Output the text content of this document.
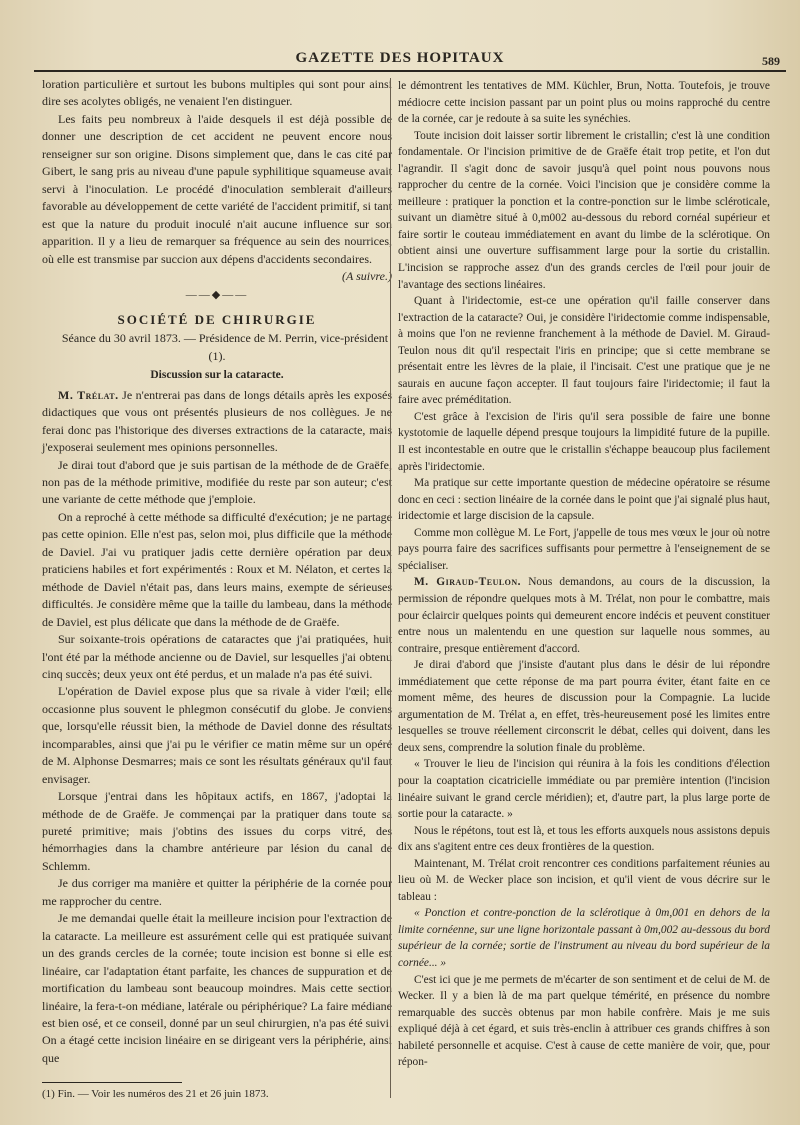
GAZETTE DES HOPITAUX	589

loration particulière et surtout les bubons multiples qui sont pour ainsi dire ses acolytes obligés, ne venaient l'en distinguer.

Les faits peu nombreux à l'aide desquels il est déjà possible de donner une description de cet accident ne peuvent encore nous renseigner sur son origine. Disons simplement que, dans le cas cité par Gibert, le sang pris au niveau d'une papule syphilitique squameuse avait servi à l'inoculation. Le procédé d'inoculation semblerait d'ailleurs favorable au développement de cette variété de l'accident primitif, si tant est que la nature du produit inoculé n'ait aucune influence sur son apparition. Il y a lieu de remarquer sa fréquence au sein des nourrices, où elle est transmise par succion aux dépens d'accidents secondaires.

(A suivre.)

——◆——
SOCIÉTÉ DE CHIRURGIE

Séance du 30 avril 1873. — Présidence de M. Perrin, vice-président (1).

Discussion sur la cataracte.

M. Trélat. Je n'entrerai pas dans de longs détails après les exposés didactiques que vous ont présentés plusieurs de nos collègues. Je ne ferai donc pas l'historique des diverses extractions de la cataracte, mais j'exposerai seulement mes opinions personnelles.

Je dirai tout d'abord que je suis partisan de la méthode de de Graëfe, non pas de la méthode primitive, modifiée du reste par son auteur; c'est une variante de cette méthode que j'emploie.

On a reproché à cette méthode sa difficulté d'exécution; je ne partage pas cette opinion. Elle n'est pas, selon moi, plus difficile que la méthode de Daviel. J'ai vu pratiquer jadis cette dernière opération par deux praticiens habiles et fort expérimentés : Roux et M. Nélaton, et certes la méthode de Daviel n'était pas, dans leurs mains, exempte de sérieuses difficultés. Je considère même que la taille du lambeau, dans la méthode de Daviel, est plus délicate que dans la méthode de de Graëfe.

Sur soixante-trois opérations de cataractes que j'ai pratiquées, huit l'ont été par la méthode ancienne ou de Daviel, sur lesquelles j'ai obtenu cinq succès; deux yeux ont été perdus, et un malade n'a pas été suivi.

L'opération de Daviel expose plus que sa rivale à vider l'œil; elle occasionne plus souvent le phlegmon consécutif du globe. Je conviens que, lorsqu'elle réussit bien, la méthode de Daviel donne des résultats incomparables, ainsi que j'ai pu le vérifier ce matin même sur un opéré de M. Alphonse Desmarres; mais ce sont les résultats généraux qu'il faut envisager.

Lorsque j'entrai dans les hôpitaux actifs, en 1867, j'adoptai la méthode de de Graëfe. Je commençai par la pratiquer dans toute sa pureté primitive; mais j'obtins des issues du corps vitré, des hémorrhagies dans la chambre antérieure par lésion du canal de Schlemm.

Je dus corriger ma manière et quitter la périphérie de la cornée pour me rapprocher du centre.

Je me demandai quelle était la meilleure incision pour l'extraction de la cataracte. La meilleure est assurément celle qui est pratiquée suivant un des grands cercles de la cornée; toute incision est bonne si elle est linéaire, car l'adaptation étant parfaite, les chances de suppuration et de mortification du lambeau sont beaucoup moindres. Mais cette section linéaire, la fera-t-on médiane, latérale ou périphérique? La faire médiane est bien osé, et ce conseil, donné par un seul chirurgien, n'a pas été suivi. On a étagé cette incision linéaire en se dirigeant vers la périphérie, ainsi que

le démontrent les tentatives de MM. Küchler, Brun, Notta. Toutefois, je trouve médiocre cette incision passant par un point plus ou moins rapproché du centre de la cornée, car je redoute à sa suite les synéchies.

Toute incision doit laisser sortir librement le cristallin; c'est là une condition fondamentale. Or l'incision primitive de de Graëfe était trop petite, et l'on dut l'agrandir. Il s'agit donc de savoir jusqu'à quel point nous pouvons nous rapprocher du centre de la cornée. Voici l'incision que je considère comme la meilleure : pratiquer la ponction et la contre-ponction sur le limbe scléroticale, suivant un diamètre situé à 0,m002 au-dessous du rebord cornéal supérieur et faire sortir le couteau immédiatement en avant du limbe de la sclérotique. On obtient ainsi une ouverture suffisamment large pour la sortie du cristallin. L'incision se rapproche assez d'un des grands cercles de l'œil pour jouir de l'avantage des sections linéaires.

Quant à l'iridectomie, est-ce une opération qu'il faille conserver dans l'extraction de la cataracte? Oui, je considère l'iridectomie comme indispensable, à moins que l'on ne revienne franchement à la méthode de Daviel. M. Giraud-Teulon nous dit qu'il respectait l'iris en principe; que si cette membrane se présentait entre les lèvres de la plaie, il l'incisait. C'est une pratique que je ne saurais en aucune façon accepter. Il faut toujours faire l'iridectomie; il faut la faire avec préméditation.

C'est grâce à l'excision de l'iris qu'il sera possible de faire une bonne kystotomie de laquelle dépend presque toujours la limpidité future de la pupille. Il est incontestable en outre que le cristallin s'échappe beaucoup plus facilement après l'iridectomie.

Ma pratique sur cette importante question de médecine opératoire se résume donc en ceci : section linéaire de la cornée dans le point que j'ai signalé plus haut, iridectomie et large discision de la capsule.

Comme mon collègue M. Le Fort, j'appelle de tous mes vœux le jour où notre pays pourra faire des sacrifices suffisants pour permettre à l'enseignement de se spécialiser.

M. Giraud-Teulon. Nous demandons, au cours de la discussion, la permission de répondre quelques mots à M. Trélat, non pour le combattre, mais pour éclaircir quelques points qui demeurent encore indécis et peuvent constituer entre nous un malentendu en une question sur laquelle nous sommes, au contraire, presque entièrement d'accord.

Je dirai d'abord que j'insiste d'autant plus dans le désir de lui répondre immédiatement que cette réponse de ma part pourra éviter, étant faite en ce moment même, des heures de discussion pour la Compagnie. La lucide argumentation de M. Trélat a, en effet, très-heureusement posé les limites entre lesquelles se trouve réellement circonscrit le débat, celles qui doivent, dans les deux sens, comprendre la solution finale du problème.

« Trouver le lieu de l'incision qui réunira à la fois les conditions d'élection pour la coaptation cicatricielle immédiate ou par première intention (l'incision linéaire suivant le grand cercle méridien); et, d'autre part, la plus large porte de sortie pour la cataracte. »

Nous le répétons, tout est là, et tous les efforts auxquels nous assistons depuis dix ans s'agitent entre ces deux frontières de la question.

Maintenant, M. Trélat croit rencontrer ces conditions parfaitement réunies au lieu où M. de Wecker place son incision, et qu'il vient de vous décrire sur le tableau :

« Ponction et contre-ponction de la sclérotique à 0m,001 en dehors de la limite cornéenne, sur une ligne horizontale passant à 0m,002 au-dessous du bord supérieur de la cornée; sortie de l'instrument au niveau du bord supérieur de la cornée... »

C'est ici que je me permets de m'écarter de son sentiment et de celui de M. de Wecker. Il y a bien là de ma part quelque témérité, en présence du nombre remarquable des succès obtenus par mon habile confrère. Mais je me suis expliqué déjà à cet égard, et suis très-enclin à attribuer ces grands chiffres à son habileté personnelle et acquise. C'est à cause de cette manière de voir, que, pour répon-

(1) Fin. — Voir les numéros des 21 et 26 juin 1873.
